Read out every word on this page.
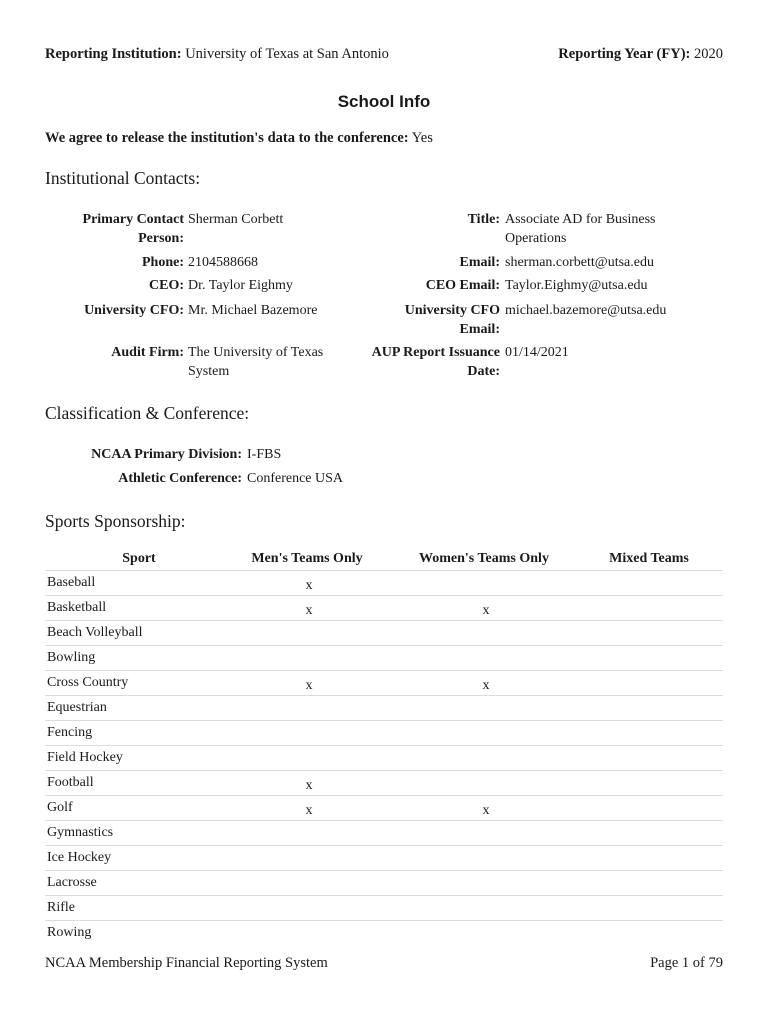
Reporting Institution: University of Texas at San Antonio	Reporting Year (FY): 2020
School Info
We agree to release the institution's data to the conference: Yes
Institutional Contacts:
Primary Contact
Person:
Sherman Corbett
Phone: 2104588668
CEO: Dr. Taylor Eighmy
University CFO: Mr. Michael Bazemore
Audit Firm: The University of Texas
System
Title: Associate AD for Business
Operations
Email: sherman.corbett@utsa.edu
CEO Email: Taylor.Eighmy@utsa.edu
University CFO
Email:
michael.bazemore@utsa.edu
AUP Report Issuance
Date:
01/14/2021
Classification & Conference:
NCAA Primary Division: I-FBS
Athletic Conference: Conference USA
Sports Sponsorship:
Sport	Men's Teams Only	Women's Teams Only	Mixed Teams
Baseball	x
Basketball	x	x
Beach Volleyball
Bowling
Cross Country	x	x
Equestrian
Fencing
Field Hockey
Football	x
Golf	x	x
Gymnastics
Ice Hockey
Lacrosse
Rifle
Rowing
NCAA Membership Financial Reporting System	Page 1 of 79
